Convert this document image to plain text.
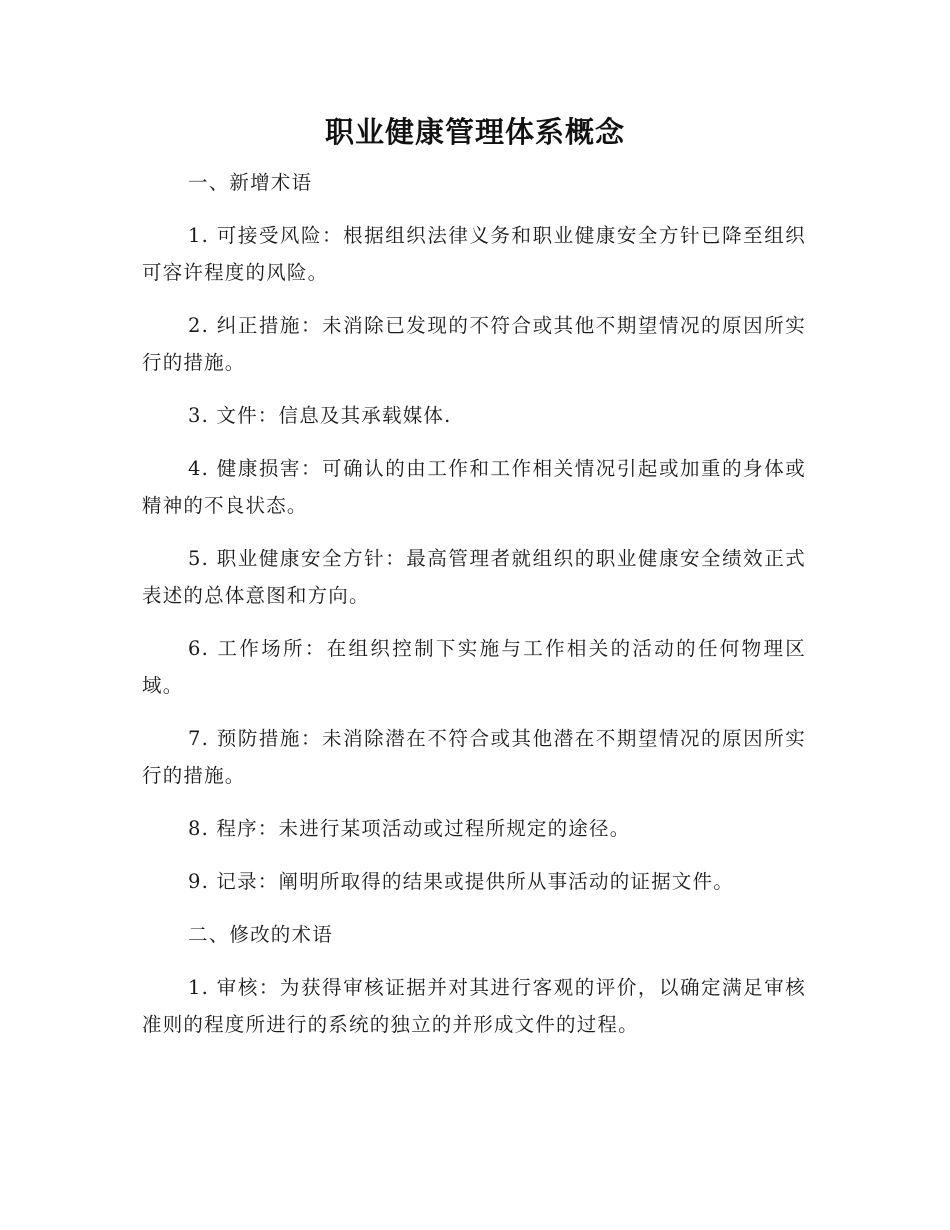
职业健康管理体系概念

一、新增术语

1. 可接受风险：根据组织法律义务和职业健康安全方针已降至组织可容许程度的风险。

2. 纠正措施：未消除已发现的不符合或其他不期望情况的原因所实行的措施。

3. 文件：信息及其承载媒体.

4. 健康损害：可确认的由工作和工作相关情况引起或加重的身体或精神的不良状态。

5. 职业健康安全方针：最高管理者就组织的职业健康安全绩效正式表述的总体意图和方向。

6. 工作场所：在组织控制下实施与工作相关的活动的任何物理区域。

7. 预防措施：未消除潜在不符合或其他潜在不期望情况的原因所实行的措施。

8. 程序：未进行某项活动或过程所规定的途径。

9. 记录：阐明所取得的结果或提供所从事活动的证据文件。

二、修改的术语

1. 审核：为获得审核证据并对其进行客观的评价，以确定满足审核准则的程度所进行的系统的独立的并形成文件的过程。
